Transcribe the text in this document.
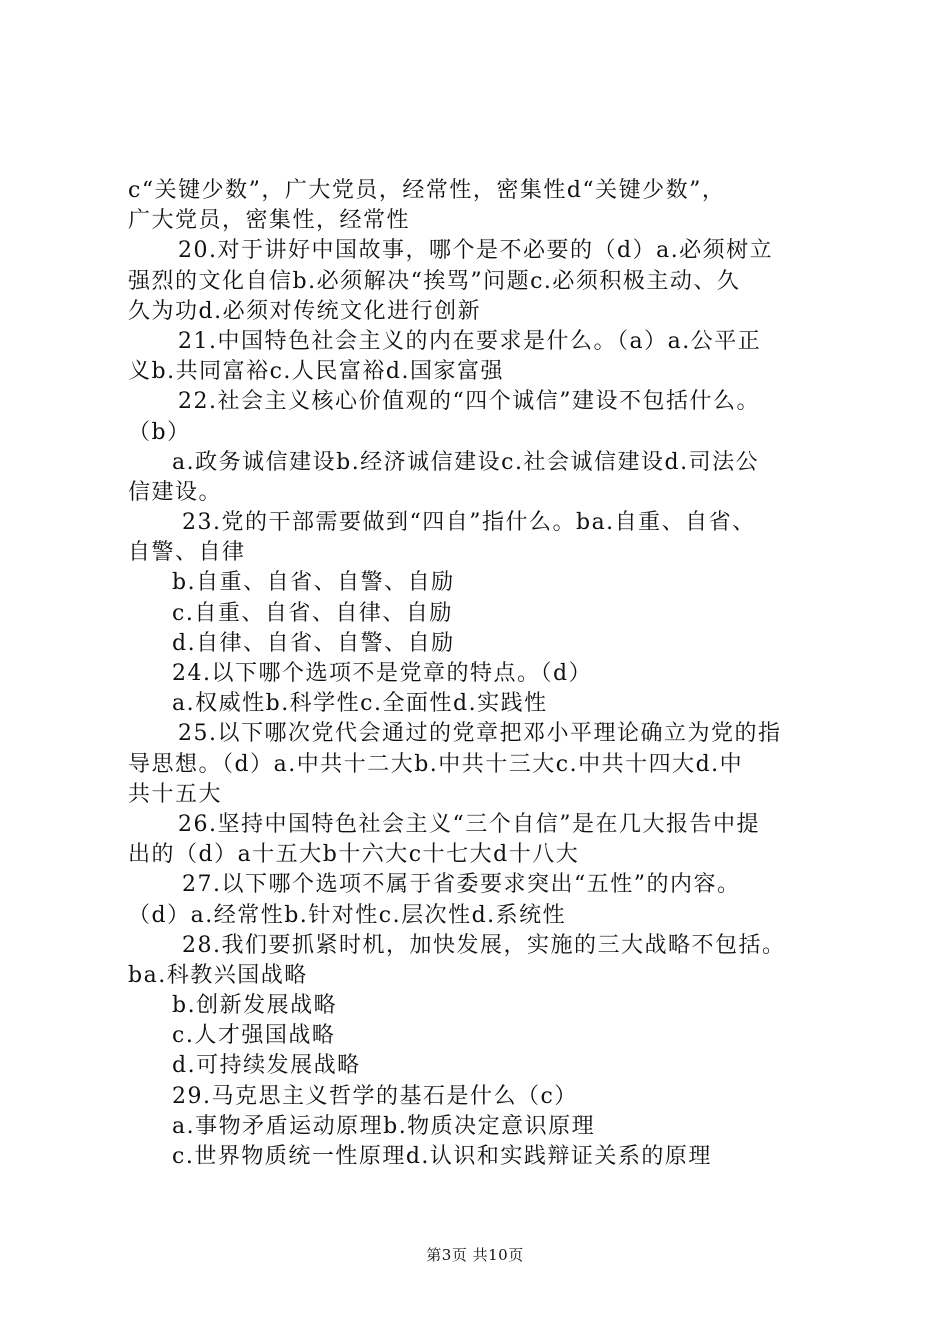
c“关键少数”，广大党员，经常性，密集性d“关键少数”，
广大党员，密集性，经常性
20.对于讲好中国故事，哪个是不必要的（d）a.必须树立
强烈的文化自信b.必须解决“挨骂”问题c.必须积极主动、久
久为功d.必须对传统文化进行创新
21.中国特色社会主义的内在要求是什么。（a）a.公平正
义b.共同富裕c.人民富裕d.国家富强
22.社会主义核心价值观的“四个诚信”建设不包括什么。
（b）
a.政务诚信建设b.经济诚信建设c.社会诚信建设d.司法公
信建设。
23.党的干部需要做到“四自”指什么。ba.自重、自省、
自警、自律
b.自重、自省、自警、自励
c.自重、自省、自律、自励
d.自律、自省、自警、自励
24.以下哪个选项不是党章的特点。（d）
a.权威性b.科学性c.全面性d.实践性
25.以下哪次党代会通过的党章把邓小平理论确立为党的指
导思想。（d）a.中共十二大b.中共十三大c.中共十四大d.中
共十五大
26.坚持中国特色社会主义“三个自信”是在几大报告中提
出的（d）a十五大b十六大c十七大d十八大
27.以下哪个选项不属于省委要求突出“五性”的内容。
（d）a.经常性b.针对性c.层次性d.系统性
28.我们要抓紧时机，加快发展，实施的三大战略不包括。
ba.科教兴国战略
b.创新发展战略
c.人才强国战略
d.可持续发展战略
29.马克思主义哲学的基石是什么（c）
a.事物矛盾运动原理b.物质决定意识原理
c.世界物质统一性原理d.认识和实践辩证关系的原理
第3页 共10页
